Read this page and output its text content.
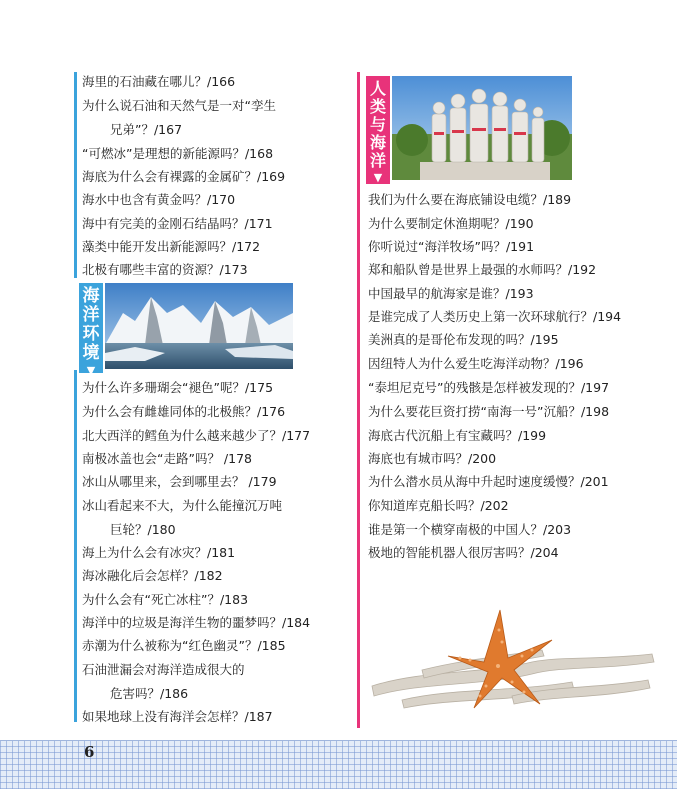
海里的石油藏在哪儿？/166
为什么说石油和天然气是一对“孪生
兄弟”？/167
“可燃冰”是理想的新能源吗？/168
海底为什么会有裸露的金属矿？/169
海水中也含有黄金吗？/170
海中有完美的金刚石结晶吗？/171
藻类中能开发出新能源吗？/172
北极有哪些丰富的资源？/173
海洋环境
▼
为什么许多珊瑚会“褪色”呢？/175
为什么会有雌雄同体的北极熊？/176
北大西洋的鳕鱼为什么越来越少了？/177
南极冰盖也会“走路”吗？ /178
冰山从哪里来，会到哪里去？ /179
冰山看起来不大，为什么能撞沉万吨
巨轮？/180
海上为什么会有冰灾？/181
海冰融化后会怎样？/182
为什么会有“死亡冰柱”？/183
海洋中的垃圾是海洋生物的噩梦吗？/184
赤潮为什么被称为“红色幽灵”？/185
石油泄漏会对海洋造成很大的
危害吗？/186
如果地球上没有海洋会怎样？/187
人类与海洋
▼
我们为什么要在海底铺设电缆？/189
为什么要制定休渔期呢？/190
你听说过“海洋牧场”吗？/191
郑和船队曾是世界上最强的水师吗？/192
中国最早的航海家是谁？/193
是谁完成了人类历史上第一次环球航行？/194
美洲真的是哥伦布发现的吗？/195
因纽特人为什么爱生吃海洋动物？/196
“泰坦尼克号”的残骸是怎样被发现的？/197
为什么要花巨资打捞“南海一号”沉船？/198
海底古代沉船上有宝藏吗？/199
海底也有城市吗？/200
为什么潜水员从海中升起时速度缓慢？/201
你知道库克船长吗？/202
谁是第一个横穿南极的中国人？/203
极地的智能机器人很厉害吗？/204
6
